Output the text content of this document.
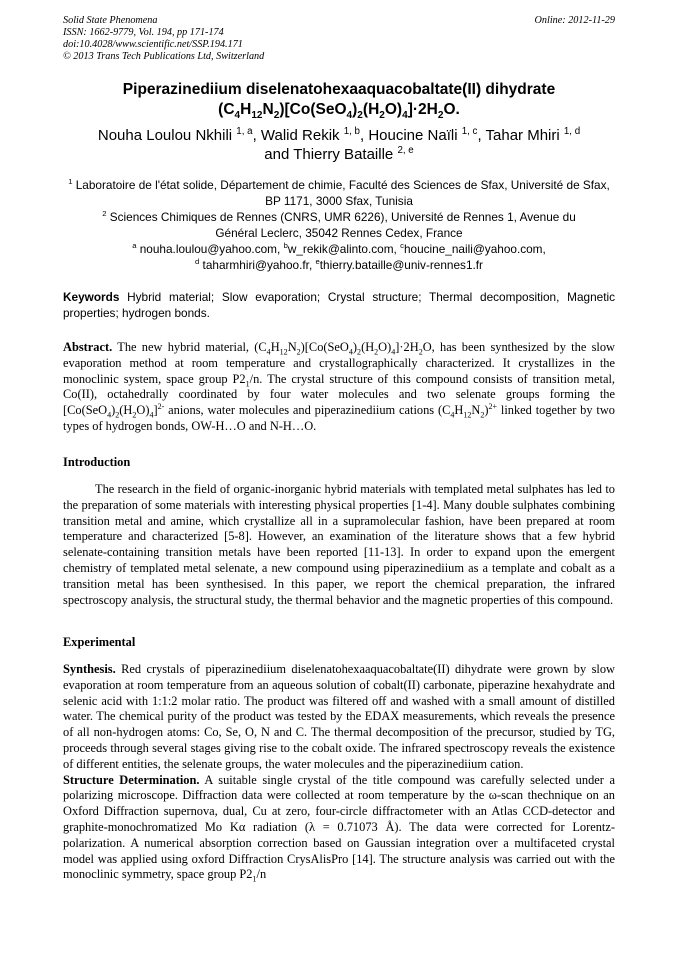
Solid State Phenomena
ISSN: 1662-9779, Vol. 194, pp 171-174
doi:10.4028/www.scientific.net/SSP.194.171
© 2013 Trans Tech Publications Ltd, Switzerland
Online: 2012-11-29
Piperazinediium diselenatohexaaquacobaltate(II) dihydrate
$(C_4H_{12}N_2)[Co(SeO_4)_2(H_2O)_4]\cdot 2H_2O$.
Nouha Loulou Nkhili $^{1, a}$, Walid Rekik $^{1, b}$, Houcine Naïli $^{1, c}$, Tahar Mhiri $^{1, d}$
and Thierry Bataille $^{2, e}$
$^1$ Laboratoire de l'état solide, Département de chimie, Faculté des Sciences de Sfax, Université de Sfax, BP 1171, 3000 Sfax, Tunisia
$^2$ Sciences Chimiques de Rennes (CNRS, UMR 6226), Université de Rennes 1, Avenue du Général Leclerc, 35042 Rennes Cedex, France
$^a$ nouha.loulou@yahoo.com, $^b$w_rekik@alinto.com, $^c$houcine_naili@yahoo.com,
$^d$ taharmhiri@yahoo.fr, $^e$thierry.bataille@univ-rennes1.fr
Keywords Hybrid material; Slow evaporation; Crystal structure; Thermal decomposition, Magnetic properties; hydrogen bonds.
Abstract. The new hybrid material, $(C_4H_{12}N_2)[Co(SeO_4)_2(H_2O)_4]\cdot 2H_2O$, has been synthesized by the slow evaporation method at room temperature and crystallographically characterized. It crystallizes in the monoclinic system, space group $P2_1/n$. The crystal structure of this compound consists of transition metal, Co(II), octahedrally coordinated by four water molecules and two selenate groups forming the $[Co(SeO_4)_2(H_2O)_4]^{2-}$ anions, water molecules and piperazinediium cations $(C_4H_{12}N_2)^{2+}$ linked together by two types of hydrogen bonds, OW-H…O and N-H…O.
Introduction

The research in the field of organic-inorganic hybrid materials with templated metal sulphates has led to the preparation of some materials with interesting physical properties [1-4]. Many double sulphates combining transition metal and amine, which crystallize all in a supramolecular fashion, have been prepared at room temperature and characterized [5-8]. However, an examination of the literature shows that a few hybrid selenate-containing transition metals have been reported [11-13]. In order to expand upon the emergent chemistry of templated metal selenate, a new compound using piperazinediium as a template and cobalt as a transition metal has been synthesised. In this paper, we report the chemical preparation, the infrared spectroscopy analysis, the structural study, the thermal behavior and the magnetic properties of this compound.

Experimental

Synthesis. Red crystals of piperazinediium diselenatohexaaquacobaltate(II) dihydrate were grown by slow evaporation at room temperature from an aqueous solution of cobalt(II) carbonate, piperazine hexahydrate and selenic acid with 1:1:2 molar ratio. The product was filtered off and washed with a small amount of distilled water. The chemical purity of the product was tested by the EDAX measurements, which reveals the presence of all non-hydrogen atoms: Co, Se, O, N and C. The thermal decomposition of the precursor, studied by TG, proceeds through several stages giving rise to the cobalt oxide. The infrared spectroscopy reveals the existence of different entities, the selenate groups, the water molecules and the piperazinediium cation.

Structure Determination. A suitable single crystal of the title compound was carefully selected under a polarizing microscope. Diffraction data were collected at room temperature by the ω-scan thechnique on an Oxford Diffraction supernova, dual, Cu at zero, four-circle diffractometer with an Atlas CCD-detector and graphite-monochromatized Mo Kα radiation (λ = 0.71073 Å). The data were corrected for Lorentz-polarization. A numerical absorption correction based on Gaussian integration over a multifaceted crystal model was applied using oxford Diffraction CrysAlisPro [14]. The structure analysis was carried out with the monoclinic symmetry, space group $P2_1/n$
